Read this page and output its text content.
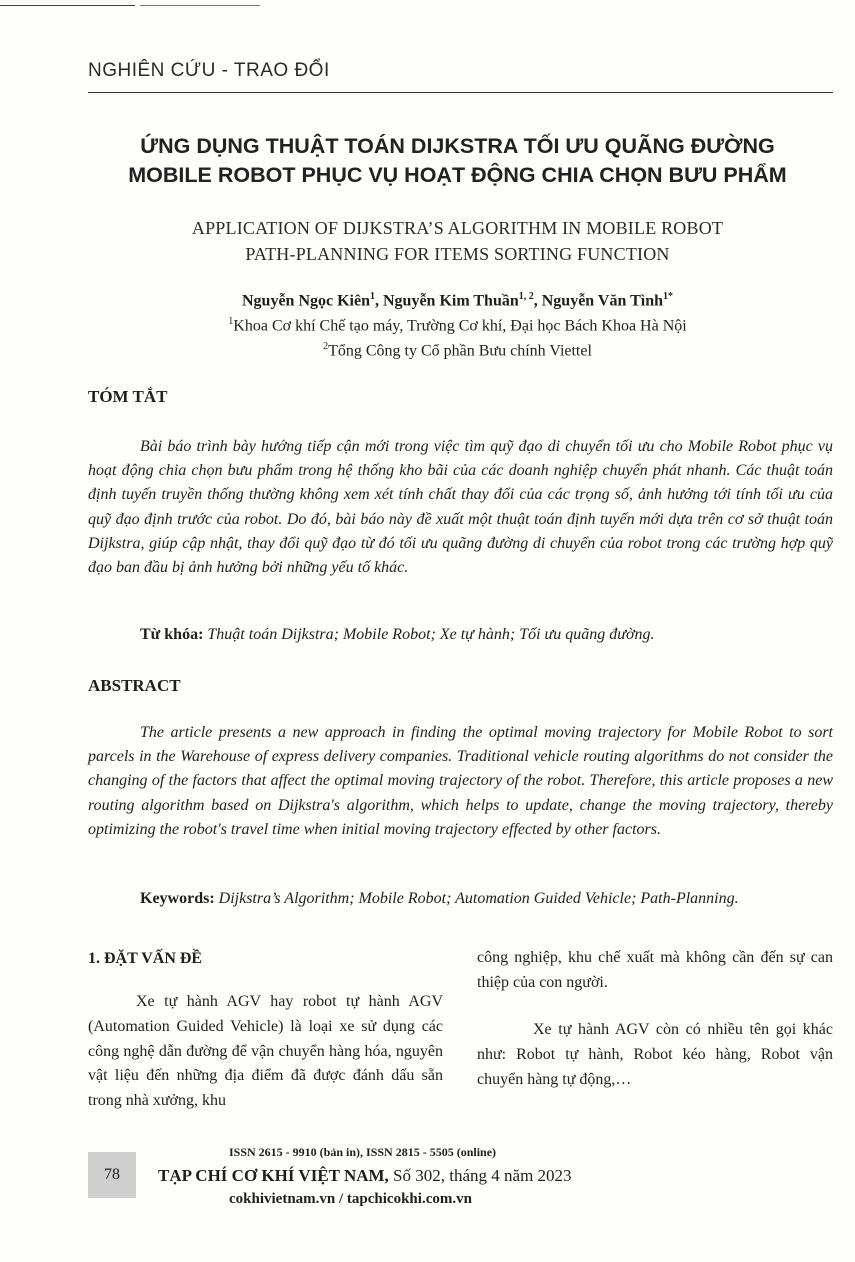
NGHIÊN CỨU - TRAO ĐỔI
ỨNG DỤNG THUẬT TOÁN DIJKSTRA TỐI ƯU QUÃNG ĐƯỜNG
MOBILE ROBOT PHỤC VỤ HOẠT ĐỘNG CHIA CHỌN BƯU PHẨM
APPLICATION OF DIJKSTRA’S ALGORITHM IN MOBILE ROBOT
PATH-PLANNING FOR ITEMS SORTING FUNCTION
Nguyễn Ngọc Kiên$^1$, Nguyễn Kim Thuần$^{1, 2}$, Nguyễn Văn Tình$^{1*}$
$^1$Khoa Cơ khí Chế tạo máy, Trường Cơ khí, Đại học Bách Khoa Hà Nội
$^2$Tổng Công ty Cổ phần Bưu chính Viettel
TÓM TẮT
Bài báo trình bày hướng tiếp cận mới trong việc tìm quỹ đạo di chuyển tối ưu cho Mobile Robot phục vụ hoạt động chia chọn bưu phẩm trong hệ thống kho bãi của các doanh nghiệp chuyển phát nhanh. Các thuật toán định tuyến truyền thống thường không xem xét tính chất thay đổi của các trọng số, ảnh hưởng tới tính tối ưu của quỹ đạo định trước của robot. Do đó, bài báo này đề xuất một thuật toán định tuyến mới dựa trên cơ sở thuật toán Dijkstra, giúp cập nhật, thay đổi quỹ đạo từ đó tối ưu quãng đường di chuyển của robot trong các trường hợp quỹ đạo ban đầu bị ảnh hưởng bởi những yếu tố khác.
Từ khóa: Thuật toán Dijkstra; Mobile Robot; Xe tự hành; Tối ưu quãng đường.
ABSTRACT
The article presents a new approach in finding the optimal moving trajectory for Mobile Robot to sort parcels in the Warehouse of express delivery companies. Traditional vehicle routing algorithms do not consider the changing of the factors that affect the optimal moving trajectory of the robot. Therefore, this article proposes a new routing algorithm based on Dijkstra's algorithm, which helps to update, change the moving trajectory, thereby optimizing the robot's travel time when initial moving trajectory effected by other factors.
Keywords: Dijkstra’s Algorithm; Mobile Robot; Automation Guided Vehicle; Path-Planning.
1. ĐẶT VẤN ĐỀ
Xe tự hành AGV hay robot tự hành AGV (Automation Guided Vehicle) là loại xe sử dụng các công nghệ dẫn đường để vận chuyển hàng hóa, nguyên vật liệu đến những địa điểm đã được đánh dấu sẵn trong nhà xưởng, khu
công nghiệp, khu chế xuất mà không cần đến sự can thiệp của con người.
Xe tự hành AGV còn có nhiều tên gọi khác như: Robot tự hành, Robot kéo hàng, Robot vận chuyển hàng tự động,…
78
ISSN 2615 - 9910 (bản in), ISSN 2815 - 5505 (online)
TẠP CHÍ CƠ KHÍ VIỆT NAM, Số 302, tháng 4 năm 2023
cokhivietnam.vn / tapchicokhi.com.vn
